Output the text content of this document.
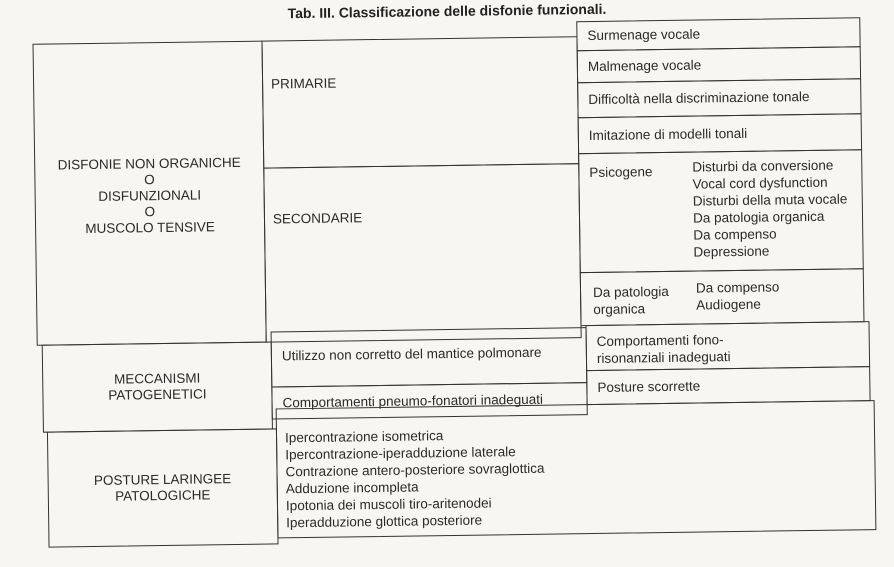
Tab. III. Classificazione delle disfonie funzionali.
DISFONIE NON ORGANICHE
O
DISFUNZIONALI
O
MUSCOLO TENSIVE
PRIMARIE
Surmenage vocale
Malmenage vocale
Difficoltà nella discriminazione tonale
Imitazione di modelli tonali
SECONDARIE
Psicogene	Disturbi da conversione
Vocal cord dysfunction
Disturbi della muta vocale
Da patologia organica
Da compenso
Depressione
Da patologia
organica
Da compenso
Audiogene
MECCANISMI
PATOGENETICI
Utilizzo non corretto del mantice polmonare
Comportamenti pneumo-fonatori inadeguati
Comportamenti fono-
risonanziali inadeguati
Posture scorrette
POSTURE LARINGEE
PATOLOGICHE
Ipercontrazione isometrica
Ipercontrazione-iperadduzione laterale
Contrazione antero-posteriore sovraglottica
Adduzione incompleta
Ipotonia dei muscoli tiro-aritenodei
Iperadduzione glottica posteriore
